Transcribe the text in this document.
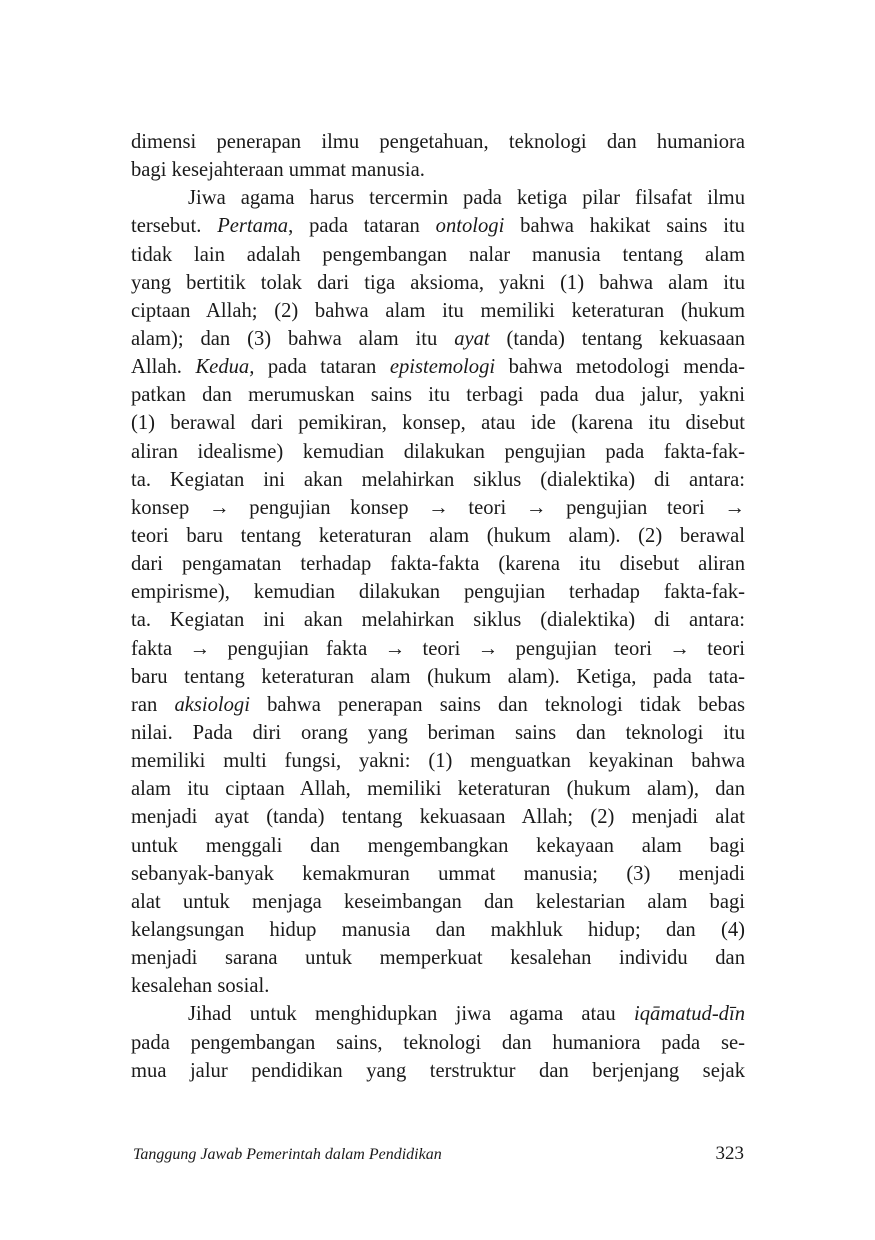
dimensi penerapan ilmu pengetahuan, teknologi dan humaniora
bagi kesejahteraan ummat manusia.
Jiwa agama harus tercermin pada ketiga pilar filsafat ilmu
tersebut. Pertama, pada tataran ontologi bahwa hakikat sains itu
tidak lain adalah pengembangan nalar manusia tentang alam
yang bertitik tolak dari tiga aksioma, yakni (1) bahwa alam itu
ciptaan Allah; (2) bahwa alam itu memiliki keteraturan (hukum
alam); dan (3) bahwa alam itu ayat (tanda) tentang kekuasaan
Allah. Kedua, pada tataran epistemologi bahwa metodologi menda-
patkan dan merumuskan sains itu terbagi pada dua jalur, yakni
(1) berawal dari pemikiran, konsep, atau ide (karena itu disebut
aliran idealisme) kemudian dilakukan pengujian pada fakta-fak-
ta. Kegiatan ini akan melahirkan siklus (dialektika) di antara:
konsep → pengujian konsep → teori → pengujian teori →
teori baru tentang keteraturan alam (hukum alam). (2) berawal
dari pengamatan terhadap fakta-fakta (karena itu disebut aliran
empirisme), kemudian dilakukan pengujian terhadap fakta-fak-
ta. Kegiatan ini akan melahirkan siklus (dialektika) di antara:
fakta → pengujian fakta → teori → pengujian teori → teori
baru tentang keteraturan alam (hukum alam). Ketiga, pada tata-
ran aksiologi bahwa penerapan sains dan teknologi tidak bebas
nilai. Pada diri orang yang beriman sains dan teknologi itu
memiliki multi fungsi, yakni: (1) menguatkan keyakinan bahwa
alam itu ciptaan Allah, memiliki keteraturan (hukum alam), dan
menjadi ayat (tanda) tentang kekuasaan Allah; (2) menjadi alat
untuk menggali dan mengembangkan kekayaan alam bagi
sebanyak-banyak kemakmuran ummat manusia; (3) menjadi
alat untuk menjaga keseimbangan dan kelestarian alam bagi
kelangsungan hidup manusia dan makhluk hidup; dan (4)
menjadi sarana untuk memperkuat kesalehan individu dan
kesalehan sosial.
Jihad untuk menghidupkan jiwa agama atau iqāmatud-dīn
pada pengembangan sains, teknologi dan humaniora pada se-
mua jalur pendidikan yang terstruktur dan berjenjang sejak
Tanggung Jawab Pemerintah dalam Pendidikan	323
